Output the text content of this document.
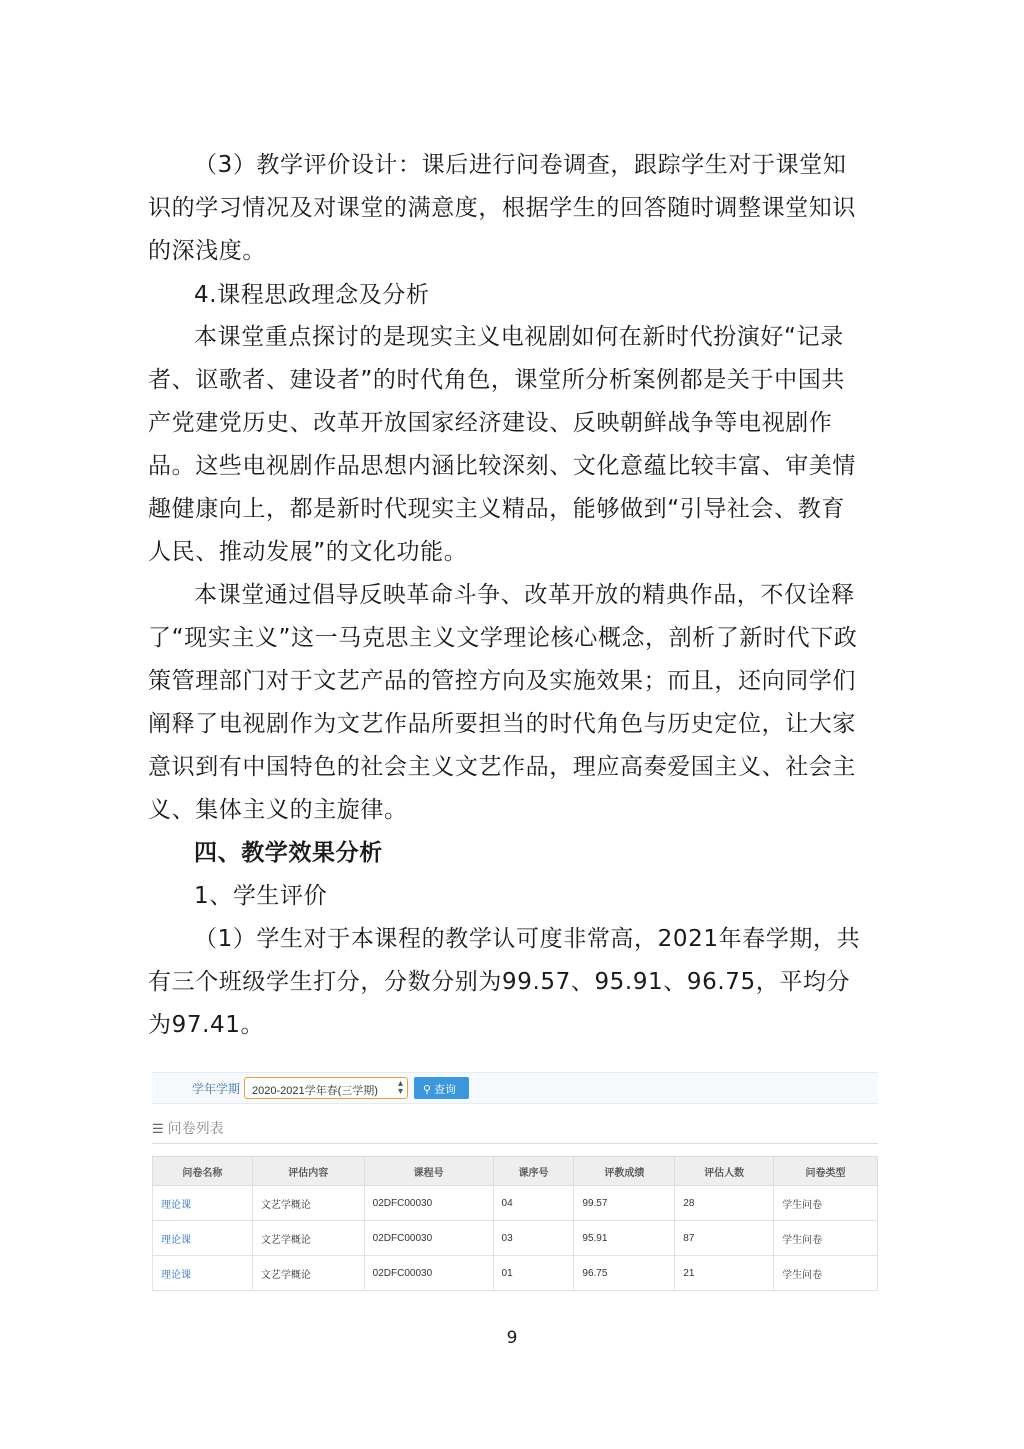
（3）教学评价设计：课后进行问卷调查，跟踪学生对于课堂知
识的学习情况及对课堂的满意度，根据学生的回答随时调整课堂知识
的深浅度。
4.课程思政理念及分析
本课堂重点探讨的是现实主义电视剧如何在新时代扮演好“记录
者、讴歌者、建设者”的时代角色，课堂所分析案例都是关于中国共
产党建党历史、改革开放国家经济建设、反映朝鲜战争等电视剧作
品。这些电视剧作品思想内涵比较深刻、文化意蕴比较丰富、审美情
趣健康向上，都是新时代现实主义精品，能够做到“引导社会、教育
人民、推动发展”的文化功能。
本课堂通过倡导反映革命斗争、改革开放的精典作品，不仅诠释
了“现实主义”这一马克思主义文学理论核心概念，剖析了新时代下政
策管理部门对于文艺产品的管控方向及实施效果；而且，还向同学们
阐释了电视剧作为文艺作品所要担当的时代角色与历史定位，让大家
意识到有中国特色的社会主义文艺作品，理应高奏爱国主义、社会主
义、集体主义的主旋律。
四、教学效果分析
1、学生评价
（1）学生对于本课程的教学认可度非常高，2021年春学期，共
有三个班级学生打分，分数分别为99.57、95.91、96.75，平均分
为97.41。
学年学期	2020-2021学年春(三学期)
▴
▾	⚲ 查询
☰ 问卷列表
问卷名称	评估内容	课程号	课序号	评教成绩	评估人数	问卷类型
理论课	文艺学概论	02DFC00030	04	99.57	28	学生问卷
理论课	文艺学概论	02DFC00030	03	95.91	87	学生问卷
理论课	文艺学概论	02DFC00030	01	96.75	21	学生问卷
9
